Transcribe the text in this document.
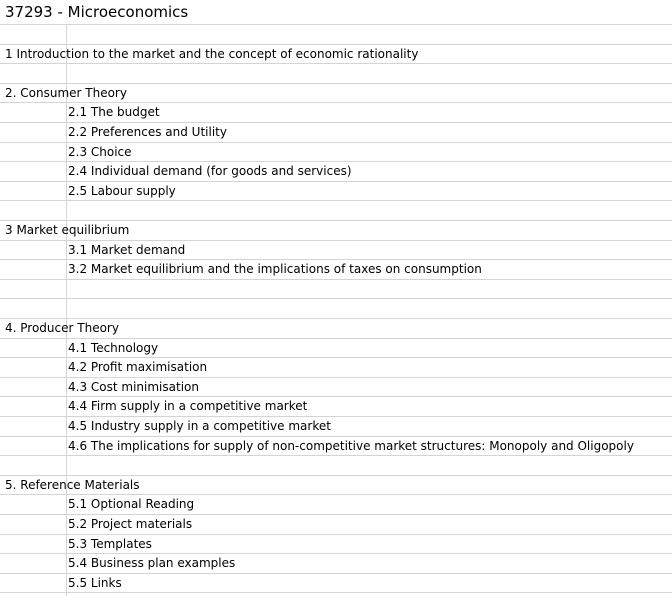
37293 - Microeconomics
1 Introduction to the market and the concept of economic rationality
2. Consumer Theory
2.1 The budget
2.2 Preferences and Utility
2.3 Choice
2.4 Individual demand (for goods and services)
2.5 Labour supply
3 Market equilibrium
3.1 Market demand
3.2 Market equilibrium and the implications of taxes on consumption
4. Producer Theory
4.1 Technology
4.2 Profit maximisation
4.3 Cost minimisation
4.4 Firm supply in a competitive market
4.5 Industry supply in a competitive market
4.6 The implications for supply of non-competitive market structures: Monopoly and Oligopoly
5. Reference Materials
5.1 Optional Reading
5.2 Project materials
5.3 Templates
5.4 Business plan examples
5.5 Links
